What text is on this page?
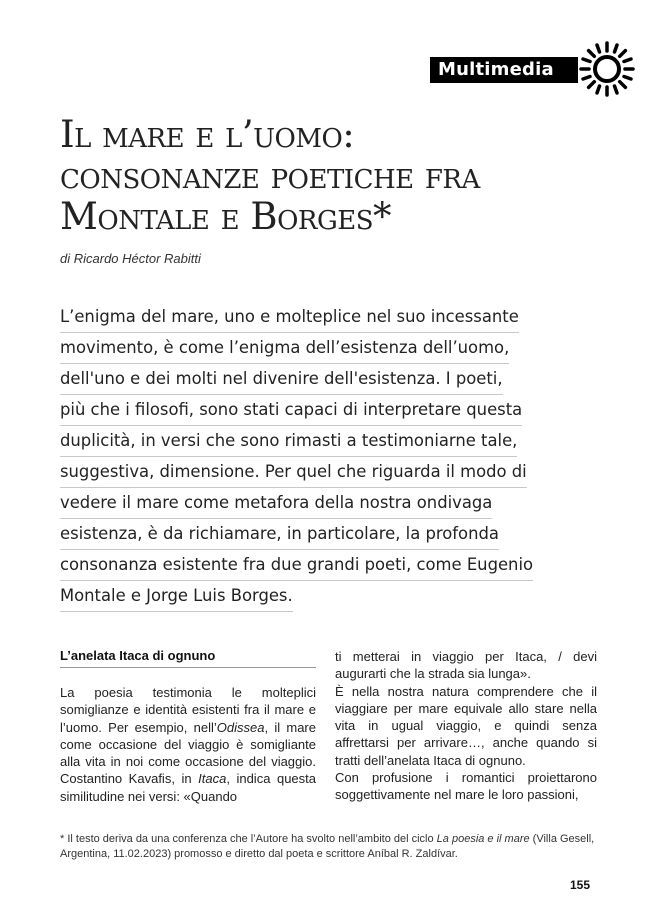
Multimedia
Il mare e l’uomo:
consonanze poetiche fra
Montale e Borges*
di Ricardo Héctor Rabitti

L’enigma del mare, uno e molteplice nel suo incessante

movimento, è come l’enigma dell’esistenza dell’uomo,

dell'uno e dei molti nel divenire dell'esistenza. I poeti,

più che i filosofi, sono stati capaci di interpretare questa

duplicità, in versi che sono rimasti a testimoniarne tale,

suggestiva, dimensione. Per quel che riguarda il modo di

vedere il mare come metafora della nostra ondivaga

esistenza, è da richiamare, in particolare, la profonda

consonanza esistente fra due grandi poeti, come Eugenio

Montale e Jorge Luis Borges.

L’anelata Itaca di ognuno
La poesia testimonia le molteplici somiglianze e identità esistenti fra il mare e l’uomo. Per esempio, nell’Odissea, il mare come occasione del viaggio è somigliante alla vita in noi come occasione del viaggio. Costantino Kavafis, in Itaca, indica questa similitudine nei versi: «Quando
ti metterai in viaggio per Itaca, / devi augurarti che la strada sia lunga».
È nella nostra natura comprendere che il viaggiare per mare equivale allo stare nella vita in ugual viaggio, e quindi senza affrettarsi per arrivare…, anche quando si tratti dell’anelata Itaca di ognuno.
Con profusione i romantici proiettarono soggettivamente nel mare le loro passioni,
* Il testo deriva da una conferenza che l’Autore ha svolto nell’ambito del ciclo La poesia e il mare (Villa Gesell, Argentina, 11.02.2023) promosso e diretto dal poeta e scrittore Aníbal R. Zaldívar.
155
